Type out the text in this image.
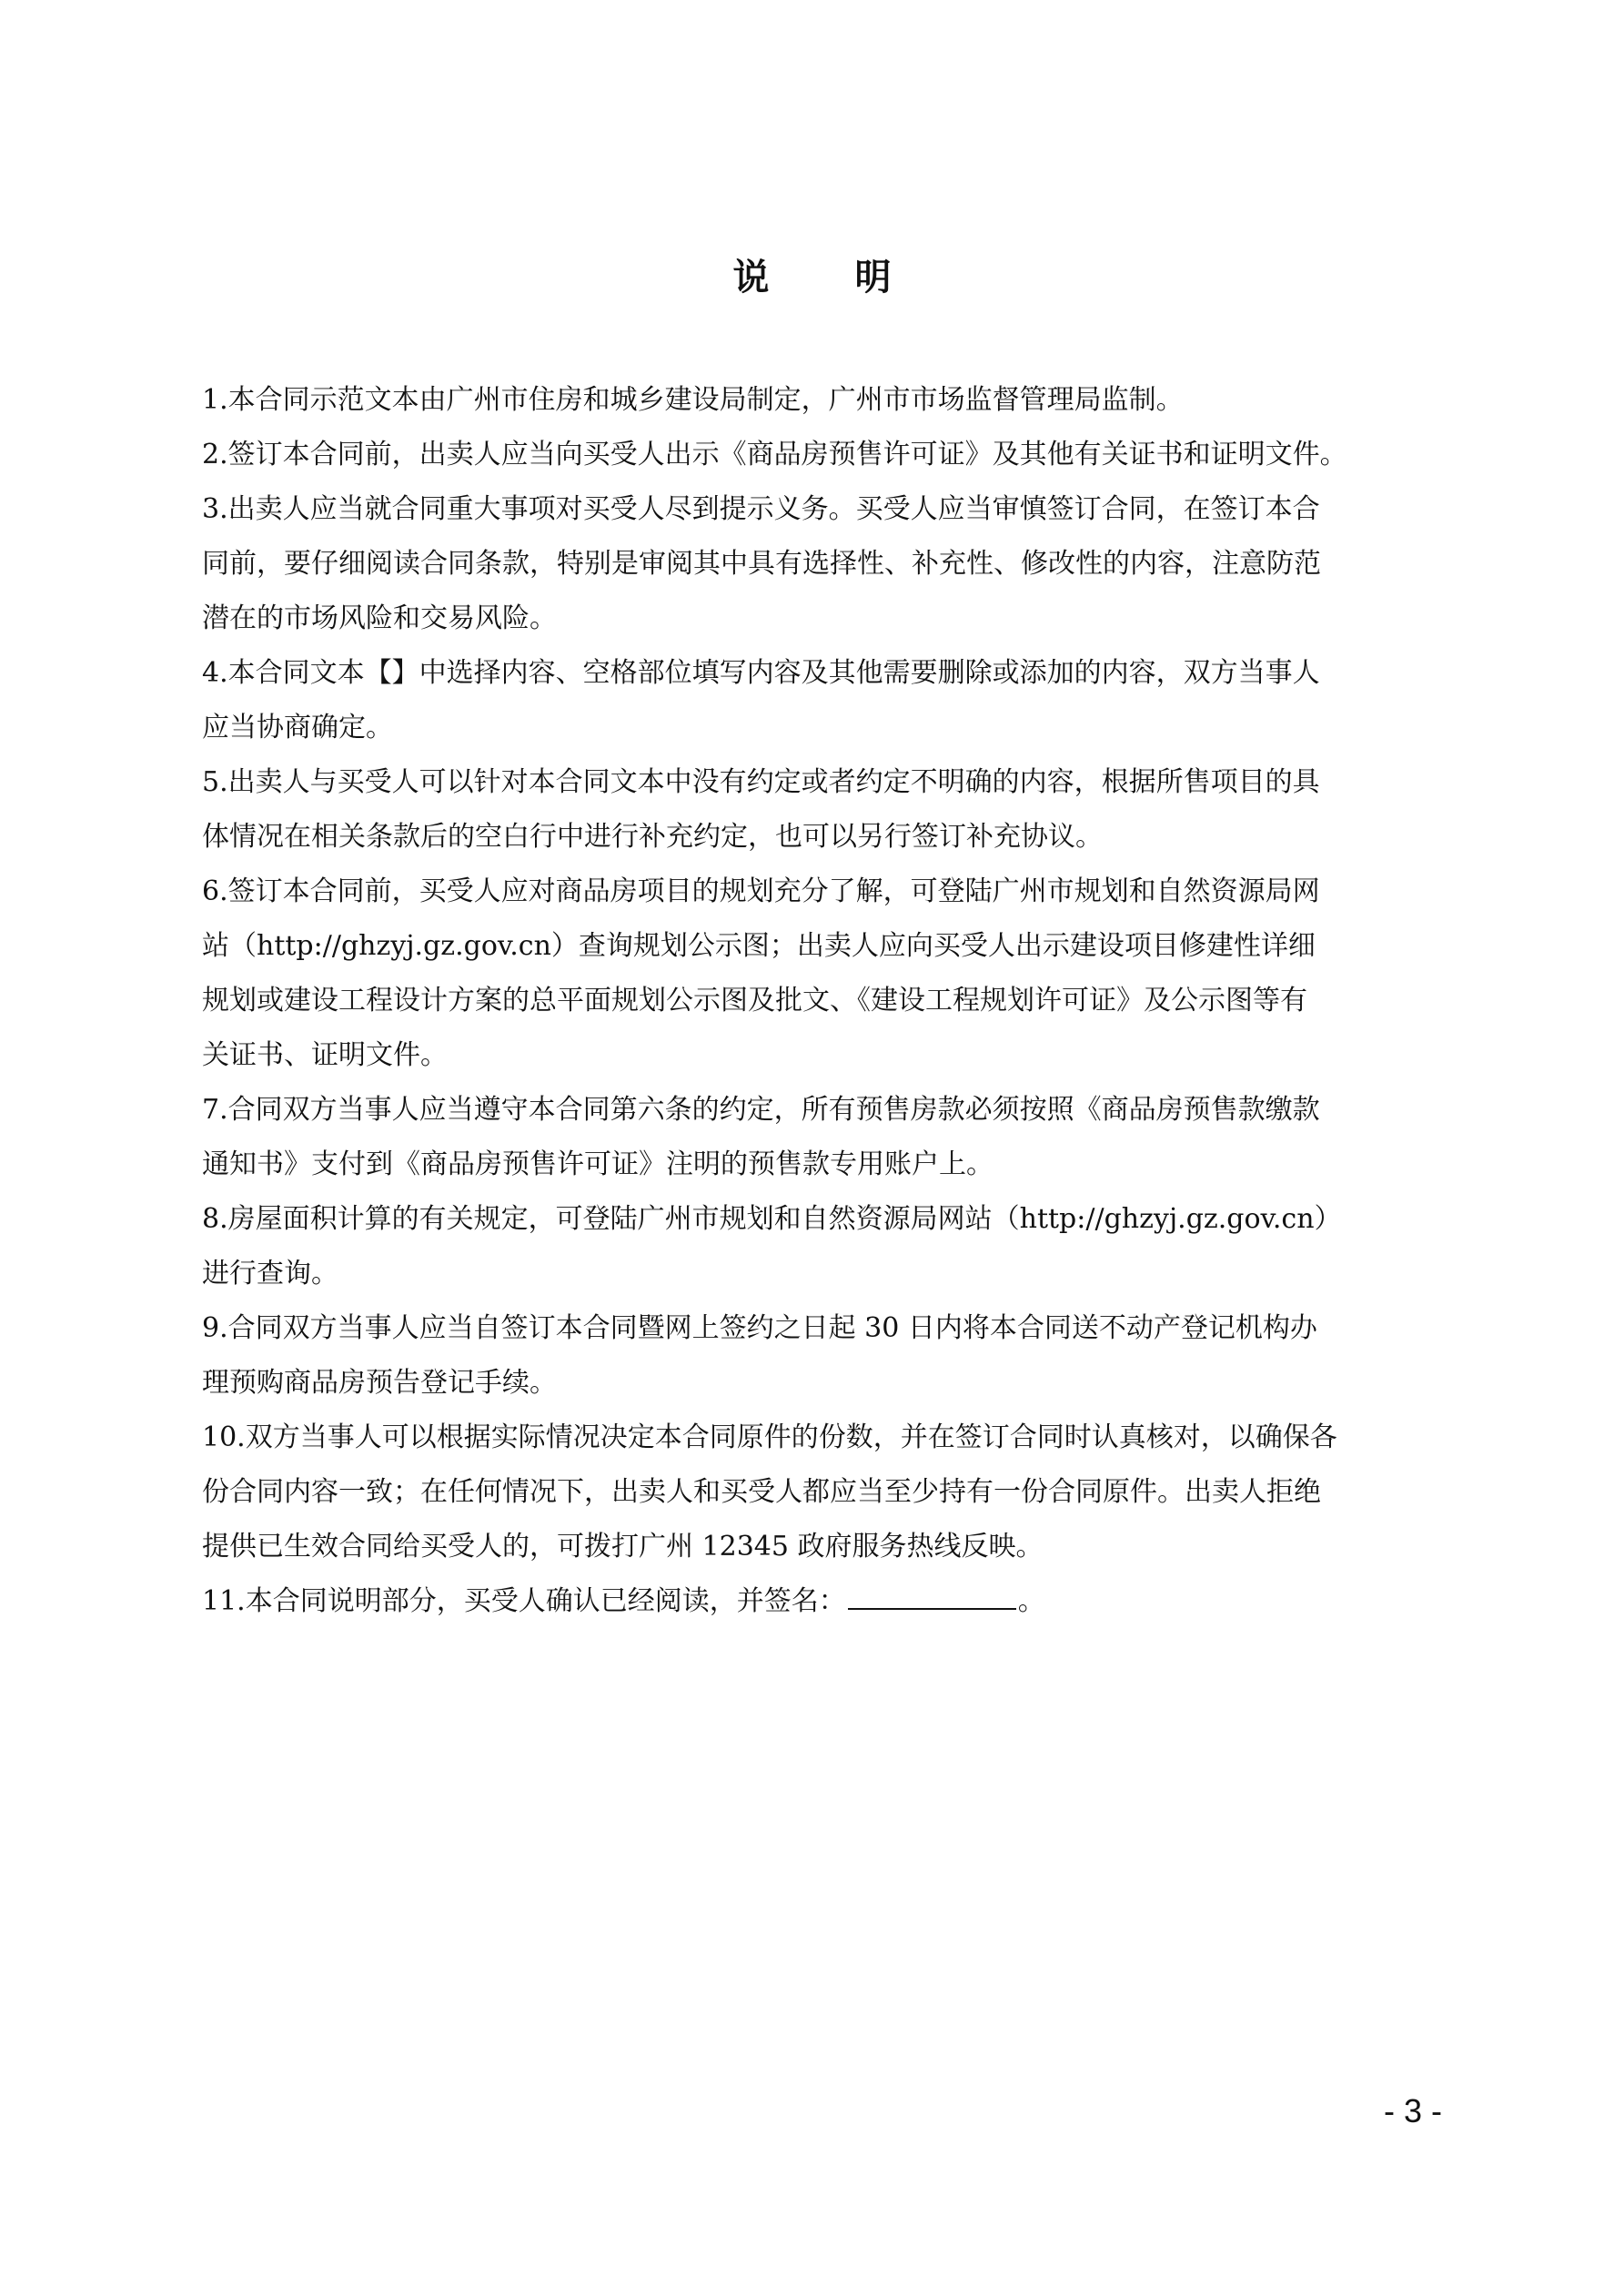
说 明

1.本合同示范文本由广州市住房和城乡建设局制定，广州市市场监督管理局监制。

2.签订本合同前，出卖人应当向买受人出示《商品房预售许可证》及其他有关证书和证明文件。

3.出卖人应当就合同重大事项对买受人尽到提示义务。买受人应当审慎签订合同，在签订本合

同前，要仔细阅读合同条款，特别是审阅其中具有选择性、补充性、修改性的内容，注意防范

潜在的市场风险和交易风险。

4.本合同文本【】中选择内容、空格部位填写内容及其他需要删除或添加的内容，双方当事人

应当协商确定。

5.出卖人与买受人可以针对本合同文本中没有约定或者约定不明确的内容，根据所售项目的具

体情况在相关条款后的空白行中进行补充约定，也可以另行签订补充协议。

6.签订本合同前，买受人应对商品房项目的规划充分了解，可登陆广州市规划和自然资源局网

站（http://ghzyj.gz.gov.cn）查询规划公示图；出卖人应向买受人出示建设项目修建性详细

规划或建设工程设计方案的总平面规划公示图及批文、《建设工程规划许可证》及公示图等有

关证书、证明文件。

7.合同双方当事人应当遵守本合同第六条的约定，所有预售房款必须按照《商品房预售款缴款

通知书》支付到《商品房预售许可证》注明的预售款专用账户上。

8.房屋面积计算的有关规定，可登陆广州市规划和自然资源局网站（http://ghzyj.gz.gov.cn）

进行查询。

9.合同双方当事人应当自签订本合同暨网上签约之日起 30 日内将本合同送不动产登记机构办

理预购商品房预告登记手续。

10.双方当事人可以根据实际情况决定本合同原件的份数，并在签订合同时认真核对，以确保各

份合同内容一致；在任何情况下，出卖人和买受人都应当至少持有一份合同原件。出卖人拒绝

提供已生效合同给买受人的，可拨打广州 12345 政府服务热线反映。

11.本合同说明部分，买受人确认已经阅读，并签名：	。

- 3 -
